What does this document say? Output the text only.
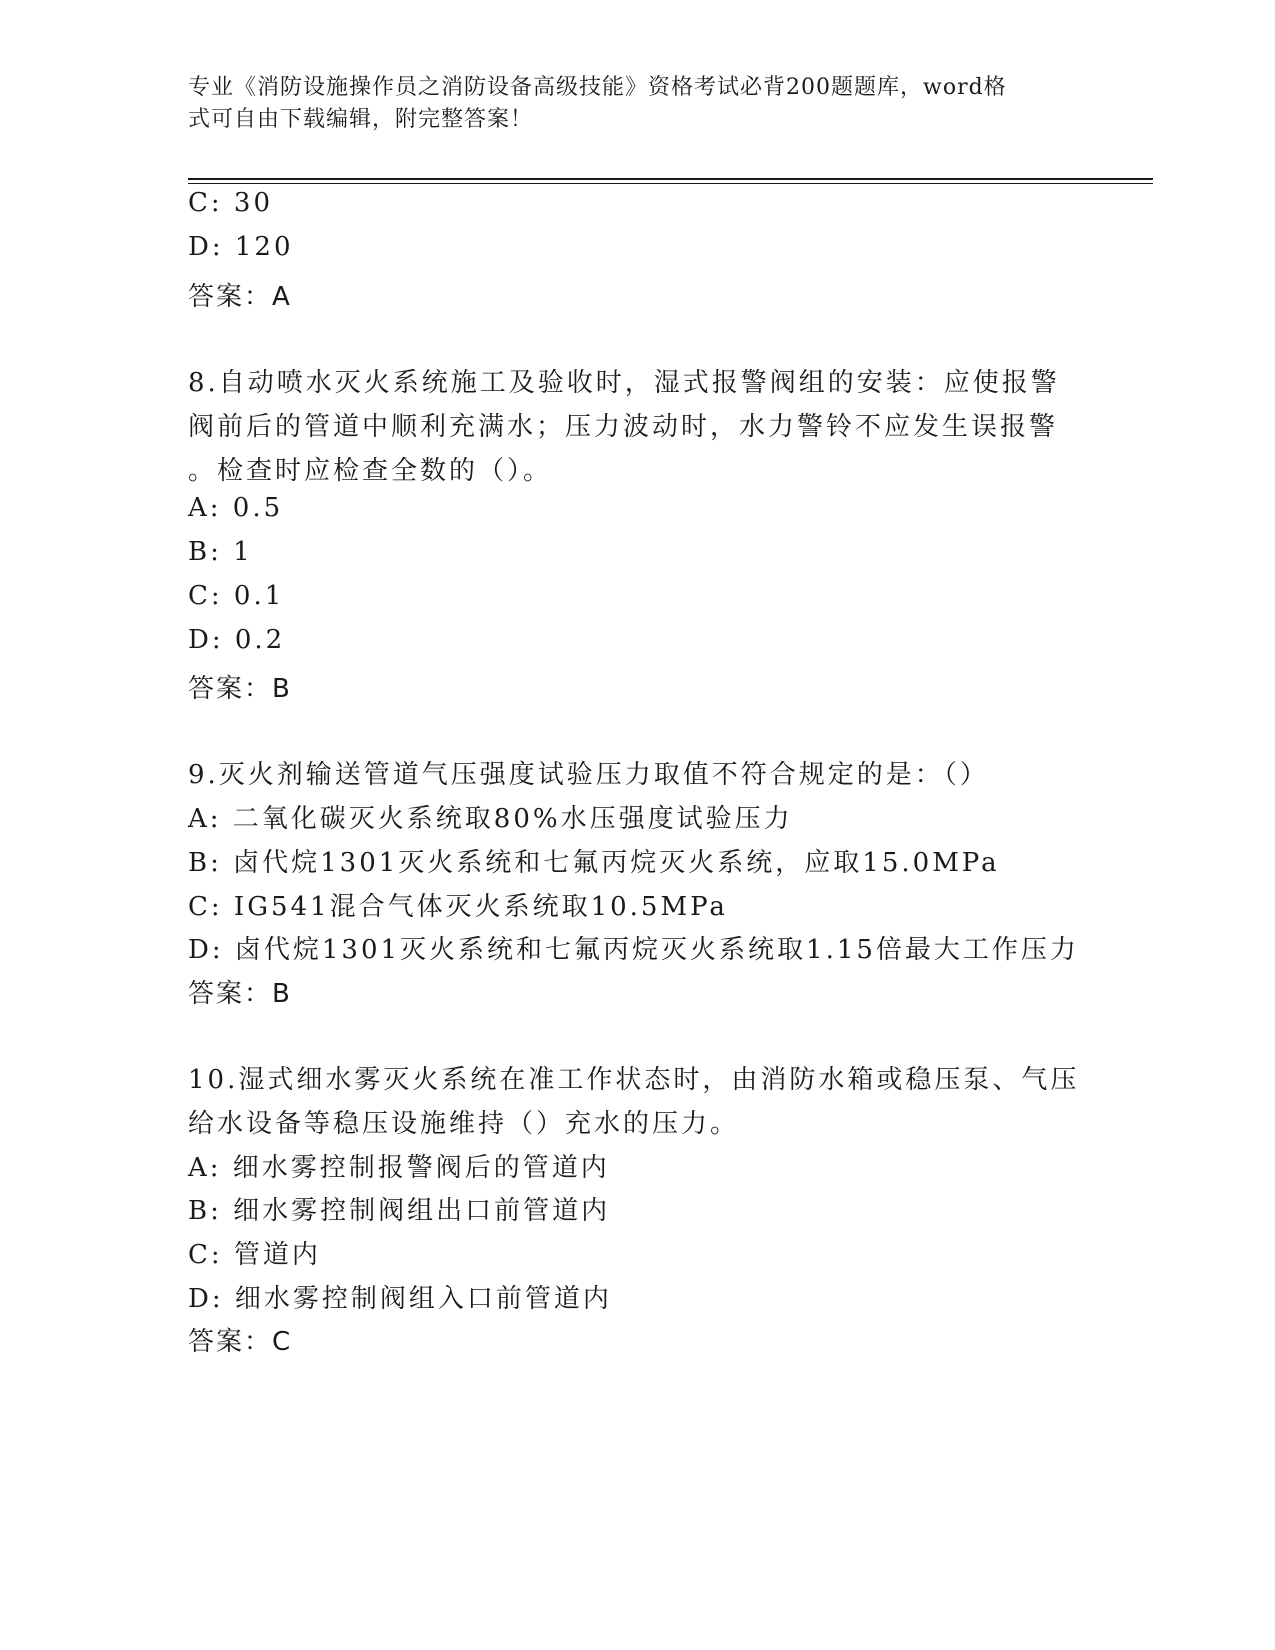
专业《消防设施操作员之消防设备高级技能》资格考试必背200题题库，word格
式可自由下载编辑，附完整答案！
C: 30
D: 120
答案：A
8.自动喷水灭火系统施工及验收时，湿式报警阀组的安装：应使报警
阀前后的管道中顺利充满水；压力波动时，水力警铃不应发生误报警
。检查时应检查全数的（）。
A: 0.5
B: 1
C: 0.1
D: 0.2
答案：B
9.灭火剂输送管道气压强度试验压力取值不符合规定的是：（）
A: 二氧化碳灭火系统取80%水压强度试验压力
B: 卤代烷1301灭火系统和七氟丙烷灭火系统，应取15.0MPa
C: IG541混合气体灭火系统取10.5MPa
D: 卤代烷1301灭火系统和七氟丙烷灭火系统取1.15倍最大工作压力
答案：B
10.湿式细水雾灭火系统在准工作状态时，由消防水箱或稳压泵、气压
给水设备等稳压设施维持（）充水的压力。
A: 细水雾控制报警阀后的管道内
B: 细水雾控制阀组出口前管道内
C: 管道内
D: 细水雾控制阀组入口前管道内
答案：C
